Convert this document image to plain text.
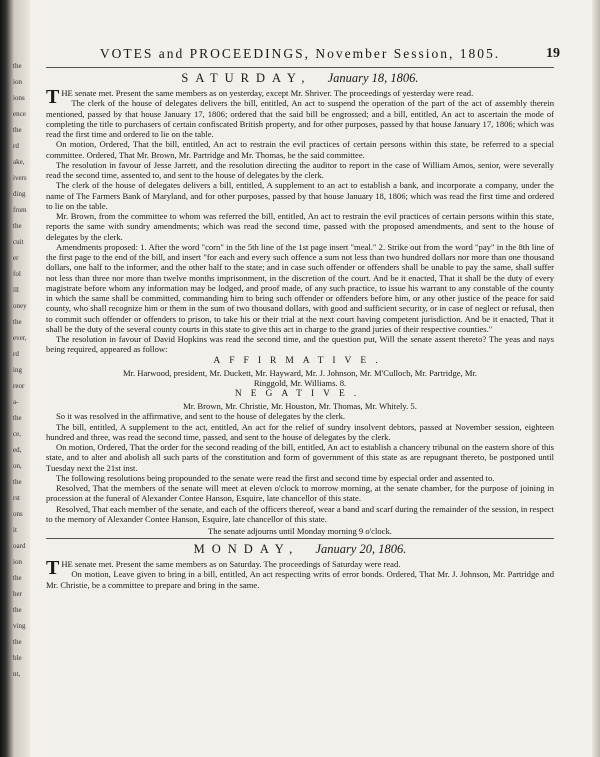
the
ion
ions
ence
the
rd
ake,
ivers
ding
from
the
cuit
er
fol
ill
oney
the
ever,
rd
ing
reor
a-
the
ce,
ed,
on,
the
rst
ons
it
oard
ion
the
her
the
ving
the
ble
nt,
VOTES and PROCEEDINGS, November Session, 1805.	19
SATURDAY, January 18, 1806.

THE senate met. Present the same members as on yesterday, except Mr. Shriver. The proceedings of yesterday were read.

The clerk of the house of delegates delivers the bill, entitled, An act to suspend the operation of the part of the act of assembly therein mentioned, passed by that house January 17, 1806; ordered that the said bill be engrossed; and a bill, entitled, An act to ascertain the mode of completing the title to purchasers of certain confiscated British property, and for other purposes, passed by that house January 17, 1806; which was read the first time and ordered to lie on the table.

On motion, Ordered, That the bill, entitled, An act to restrain the evil practices of certain persons within this state, be referred to a special committee. Ordered, That Mr. Brown, Mr. Partridge and Mr. Thomas, be the said committee.

The resolution in favour of Jesse Jarrett, and the resolution directing the auditor to report in the case of William Amos, senior, were severally read the second time, assented to, and sent to the house of delegates by the clerk.

The clerk of the house of delegates delivers a bill, entitled, A supplement to an act to establish a bank, and incorporate a company, under the name of The Farmers Bank of Maryland, and for other purposes, passed by that house January 18, 1806; which was read the first time and ordered to lie on the table.

Mr. Brown, from the committee to whom was referred the bill, entitled, An act to restrain the evil practices of certain persons within this state, reports the same with sundry amendments; which was read the second time, passed with the proposed amendments, and sent to the house of delegates by the clerk.

Amendments proposed: 1. After the word "corn" in the 5th line of the 1st page insert "meal." 2. Strike out from the word "pay" in the 8th line of the first page to the end of the bill, and insert "for each and every such offence a sum not less than two hundred dollars nor more than one thousand dollars, one half to the informer, and the other half to the state; and in case such offender or offenders shall be unable to pay the same, shall suffer not less than three nor more than twelve months imprisonment, in the discretion of the court. And be it enacted, That it shall be the duty of every magistrate before whom any information may be lodged, and proof made, of any such practice, to issue his warrant to any constable of the county in which the same shall be committed, commanding him to bring such offender or offenders before him, or any other justice of the peace for said county, who shall recognize him or them in the sum of two thousand dollars, with good and sufficient security, or in case of neglect or refusal, then to commit such offender or offenders to prison, to take his or their trial at the next court having competent jurisdiction. And be it enacted, That it shall be the duty of the several county courts in this state to give this act in charge to the grand juries of their respective counties."

The resolution in favour of David Hopkins was read the second time, and the question put, Will the senate assent thereto? The yeas and nays being required, appeared as follow:

AFFIRMATIVE.
Mr. Harwood, president, Mr. Duckett, Mr. Hayward, Mr. J. Johnson, Mr. M'Culloch, Mr. Partridge, Mr.
Ringgold, Mr. Williams. 8.
NEGATIVE.
Mr. Brown, Mr. Christie, Mr. Houston, Mr. Thomas, Mr. Whitely. 5.

So it was resolved in the affirmative, and sent to the house of delegates by the clerk.

The bill, entitled, A supplement to the act, entitled, An act for the relief of sundry insolvent debtors, passed at November session, eighteen hundred and three, was read the second time, passed, and sent to the house of delegates by the clerk.

On motion, Ordered, That the order for the second reading of the bill, entitled, An act to establish a chancery tribunal on the eastern shore of this state, and to alter and abolish all such parts of the constitution and form of government of this state as are repugnant thereto, be postponed until Tuesday next the 21st inst.

The following resolutions being propounded to the senate were read the first and second time by especial order and assented to.

Resolved, That the members of the senate will meet at eleven o'clock to morrow morning, at the senate chamber, for the purpose of joining in procession at the funeral of Alexander Contee Hanson, Esquire, late chancellor of this state.

Resolved, That each member of the senate, and each of the officers thereof, wear a band and scarf during the remainder of the session, in respect to the memory of Alexander Contee Hanson, Esquire, late chancellor of this state.

The senate adjourns until Monday morning 9 o'clock.
MONDAY, January 20, 1806.

THE senate met. Present the same members as on Saturday. The proceedings of Saturday were read.

On motion, Leave given to bring in a bill, entitled, An act respecting writs of error bonds. Ordered, That Mr. J. Johnson, Mr. Partridge and Mr. Christie, be a committee to prepare and bring in the same.
